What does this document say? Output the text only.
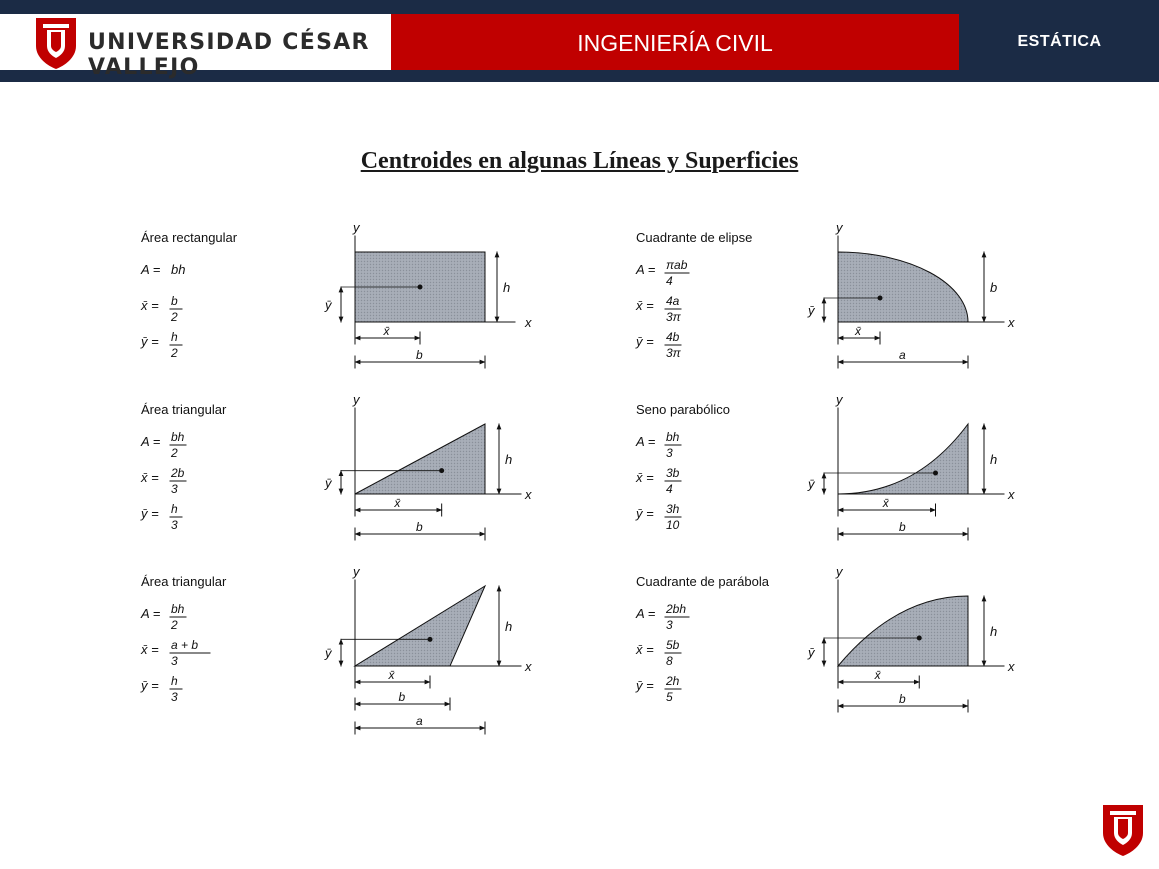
UNIVERSIDAD CÉSAR VALLEJO
INGENIERÍA CIVIL	ESTÁTICA
Centroides en algunas Líneas y Superficies
Área rectangular
A = bh
x̄ = b
2
ȳ = h
2
y
ȳ
x̄
b
h
x
Cuadrante de elipse
A = πab
4
x̄ = 4a
3π
ȳ = 4b
3π
y
ȳ
x̄
a
b
x
Área triangular
A = bh
2
x̄ = 2b
3
ȳ = h
3
y
ȳ
x̄
b
h
x
Seno parabólico
A = bh
3
x̄ = 3b
4
ȳ = 3h
10
y
ȳ
x̄
b
h
x
Área triangular
A = bh
2
x̄ = a + b
3
ȳ = h
3
y
ȳ
x̄
b
a
h
x
Cuadrante de parábola
A = 2bh
3
x̄ = 5b
8
ȳ = 2h
5
y
ȳ
x̄
b
h
x
